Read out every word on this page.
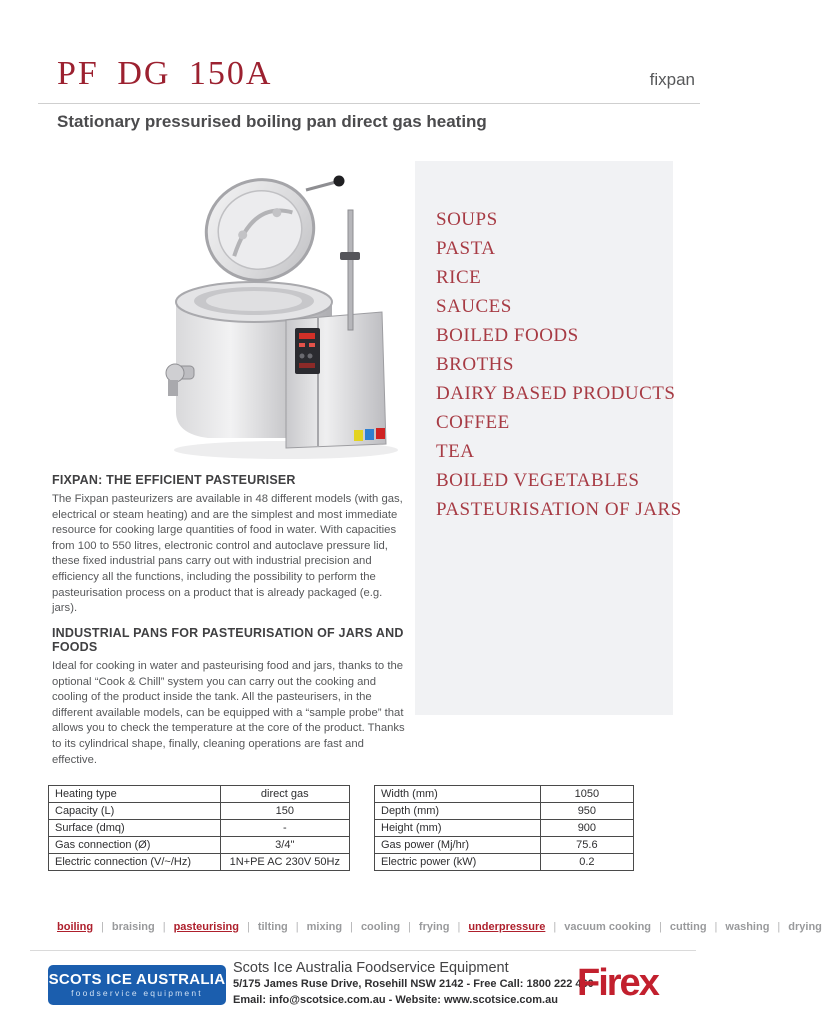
PF DG 150A	fixpan
Stationary pressurised boiling pan direct gas heating
SOUPS
PASTA
RICE
SAUCES
BOILED FOODS
BROTHS
DAIRY BASED PRODUCTS
COFFEE
TEA
BOILED VEGETABLES
PASTEURISATION OF JARS
FIXPAN: THE EFFICIENT PASTEURISER
The Fixpan pasteurizers are available in 48 different models (with gas, electrical or steam heating) and are the simplest and most immediate resource for cooking large quantities of food in water. With capacities from 100 to 550 litres, electronic control and autoclave pressure lid, these fixed industrial pans carry out with industrial precision and efficiency all the functions, including the possibility to perform the pasteurisation process on a product that is already packaged (e.g. jars).
INDUSTRIAL PANS FOR PASTEURISATION OF JARS AND FOODS
Ideal for cooking in water and pasteurising food and jars, thanks to the optional “Cook & Chill” system you can carry out the cooking and cooling of the product inside the tank. All the pasteurisers, in the different available models, can be equipped with a “sample probe” that allows you to check the temperature at the core of the product. Thanks to its cylindrical shape, finally, cleaning operations are fast and effective.
Heating type	direct gas
Capacity (L)	150
Surface (dmq)	-
Gas connection (Ø)	3/4"
Electric connection (V/~/Hz)	1N+PE AC 230V 50Hz
Width (mm)	1050
Depth (mm)	950
Height (mm)	900
Gas power (Mj/hr)	75.6
Electric power (kW)	0.2
boiling | braising | pasteurising | tilting | mixing | cooling | frying | underpressure | vacuum cooking | cutting | washing | drying
SCOTS ICE AUSTRALIA
foodservice equipment
Scots Ice Australia Foodservice Equipment
5/175 James Ruse Drive, Rosehill NSW 2142 - Free Call: 1800 222 460
Email: info@scotsice.com.au - Website: www.scotsice.com.au Firex
